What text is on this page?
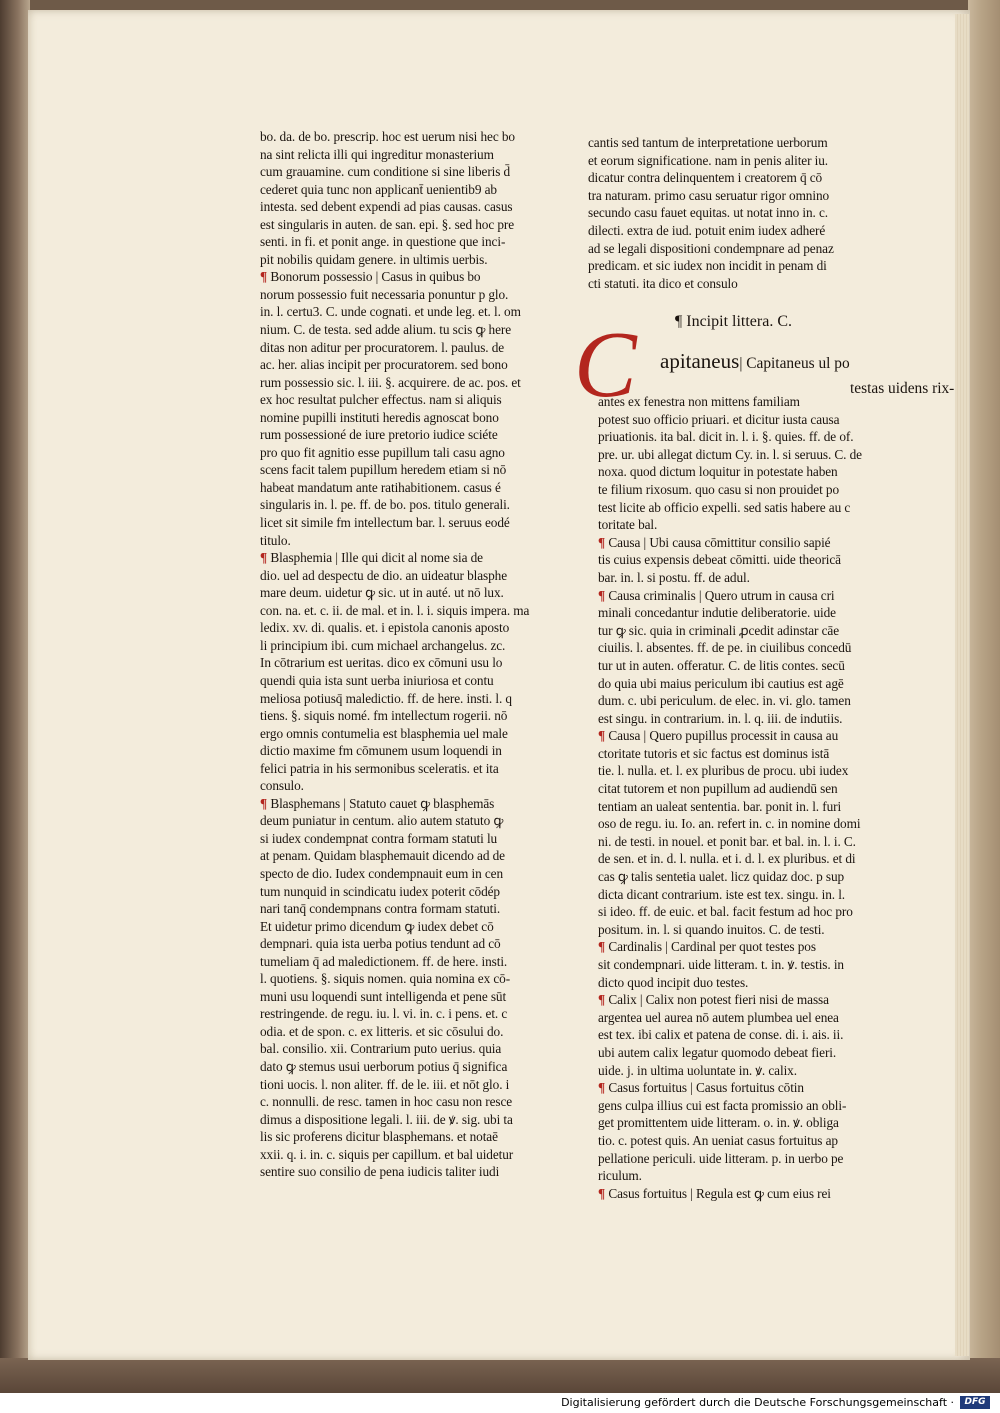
bo. da. de bo. prescrip. hoc est uerum nisi hec bo
na sint relicta illi qui ingreditur monasterium
cum grauamine. cum conditione si sine liberis d̄
cederet quia tunc non applicant̄ uenientib9 ab
intesta. sed debent expendi ad pias causas. casus
est singularis in auten. de san. epi. §. sed hoc pre
senti. in fi. et ponit ange. in questione que inci-
pit nobilis quidam genere. in ultimis uerbis.
¶ Bonorum possessio | Casus in quibus bo
norum possessio fuit necessaria ponuntur p glo.
in. l. certu3. C. unde cognati. et unde leg. et. l. om
nium. C. de testa. sed adde alium. tu scis ꝙ here
ditas non aditur per procuratorem. l. paulus. de
ac. her. alias incipit per procuratorem. sed bono
rum possessio sic. l. iii. §. acquirere. de ac. pos. et
ex hoc resultat pulcher effectus. nam si aliquis
nomine pupilli instituti heredis agnoscat bono
rum possessioné de iure pretorio iudice sciéte
pro quo fit agnitio esse pupillum tali casu agno
scens facit talem pupillum heredem etiam si nō
habeat mandatum ante ratihabitionem. casus é
singularis in. l. pe. ff. de bo. pos. titulo generali.
licet sit simile fm intellectum bar. l. seruus eodé
titulo.
¶ Blasphemia | Ille qui dicit al nome sia de
dio. uel ad despectu de dio. an uideatur blasphe
mare deum. uidetur ꝙ sic. ut in auté. ut nō lux.
con. na. et. c. ii. de mal. et in. l. i. siquis impera. ma
ledix. xv. di. qualis. et. i epistola canonis aposto
li principium ibi. cum michael archangelus. zc.
In cōtrarium est ueritas. dico ex cōmuni usu lo
quendi quia ista sunt uerba iniuriosa et contu
meliosa potiusq̄ maledictio. ff. de here. insti. l. q
tiens. §. siquis nomé. fm intellectum rogerii. nō
ergo omnis contumelia est blasphemia uel male
dictio maxime fm cōmunem usum loquendi in
felici patria in his sermonibus sceleratis. et ita
consulo.
¶ Blasphemans | Statuto cauet ꝙ blasphemās
deum puniatur in centum. alio autem statuto ꝙ
si iudex condempnat contra formam statuti lu
at penam. Quidam blasphemauit dicendo ad de
specto de dio. Iudex condempnauit eum in cen
tum nunquid in scindicatu iudex poterit cōdép
nari tanq̄ condempnans contra formam statuti.
Et uidetur primo dicendum ꝙ iudex debet cō
dempnari. quia ista uerba potius tendunt ad cō
tumeliam q̄ ad maledictionem. ff. de here. insti.
l. quotiens. §. siquis nomen. quia nomina ex cō-
muni usu loquendi sunt intelligenda et pene sūt
restringende. de regu. iu. l. vi. in. c. i pens. et. c
odia. et de spon. c. ex litteris. et sic cōsului do.
bal. consilio. xii. Contrarium puto uerius. quia
dato ꝙ stemus usui uerborum potius q̄ significa
tioni uocis. l. non aliter. ff. de le. iii. et nōt glo. i
c. nonnulli. de resc. tamen in hoc casu non resce
dimus a dispositione legali. l. iii. de ꝟ. sig. ubi ta
lis sic proferens dicitur blasphemans. et notaē
xxii. q. i. in. c. siquis per capillum. et bal uidetur
sentire suo consilio de pena iudicis taliter iudi
cantis sed tantum de interpretatione uerborum
et eorum significatione. nam in penis aliter iu.
dicatur contra delinquentem i creatorem q̄ cō
tra naturam. primo casu seruatur rigor omnino
secundo casu fauet equitas. ut notat inno in. c.
dilecti. extra de iud. potuit enim iudex adheré
ad se legali dispositioni condempnare ad penaz
predicam. et sic iudex non incidit in penam di
cti statuti. ita dico et consulo
¶ Incipit littera. C.
C apitaneus| Capitaneus ul po
testas uidens rix-
antes ex fenestra non mittens familiam
potest suo officio priuari. et dicitur iusta causa
priuationis. ita bal. dicit in. l. i. §. quies. ff. de of.
pre. ur. ubi allegat dictum Cy. in. l. si seruus. C. de
noxa. quod dictum loquitur in potestate haben
te filium rixosum. quo casu si non prouidet po
test licite ab officio expelli. sed satis habere au c
toritate bal.
¶ Causa | Ubi causa cōmittitur consilio sapié
tis cuius expensis debeat cōmitti. uide theoricā
bar. in. l. si postu. ff. de adul.
¶ Causa criminalis | Quero utrum in causa cri
minali concedantur indutie deliberatorie. uide
tur ꝙ sic. quia in criminali ꝓcedit adinstar cāe
ciuilis. l. absentes. ff. de pe. in ciuilibus concedū
tur ut in auten. offeratur. C. de litis contes. secū
do quia ubi maius periculum ibi cautius est agē
dum. c. ubi periculum. de elec. in. vi. glo. tamen
est singu. in contrarium. in. l. q. iii. de indutiis.
¶ Causa | Quero pupillus processit in causa au
ctoritate tutoris et sic factus est dominus istā
tie. l. nulla. et. l. ex pluribus de procu. ubi iudex
citat tutorem et non pupillum ad audiendū sen
tentiam an ualeat sententia. bar. ponit in. l. furi
oso de regu. iu. Io. an. refert in. c. in nomine domi
ni. de testi. in nouel. et ponit bar. et bal. in. l. i. C.
de sen. et in. d. l. nulla. et i. d. l. ex pluribus. et di
cas ꝙ talis senteŧia ualet. licz quidaz doc. p sup
dicta dicant contrarium. iste est tex. singu. in. l.
si ideo. ff. de euic. et bal. facit festum ad hoc pro
positum. in. l. si quando inuitos. C. de testi.
¶ Cardinalis | Cardinal per quot testes pos
sit condempnari. uide litteram. t. in. ꝟ. testis. in
dicto quod incipit duo testes.
¶ Calix | Calix non potest fieri nisi de massa
argentea uel aurea nō autem plumbea uel enea
est tex. ibi calix et patena de conse. di. i. ais. ii.
ubi autem calix legatur quomodo debeat fieri.
uide. j. in ultima uoluntate in. ꝟ. calix.
¶ Casus fortuitus | Casus fortuitus cōtin
gens culpa illius cui est facta promissio an obli-
get promittentem uide litteram. o. in. ꝟ. obliga
tio. c. potest quis. An ueniat casus fortuitus ap
pellatione periculi. uide litteram. p. in uerbo pe
riculum.
¶ Casus fortuitus | Regula est ꝙ cum eius rei
Digitalisierung gefördert durch die Deutsche Forschungsgemeinschaft ·	DFG
